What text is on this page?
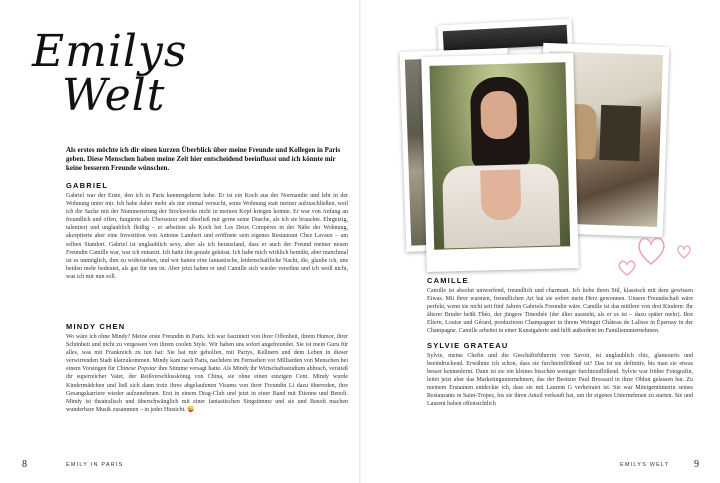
Emilys
Welt

Als erstes möchte ich dir einen kurzen Überblick über meine Freunde und Kollegen in Paris geben. Diese Menschen haben meine Zeit hier entscheidend beeinflusst und ich könnte mir keine besseren Freunde wünschen.

GABRIEL

Gabriel war der Erste, den ich in Paris kennengelernt habe. Er ist ein Koch aus der Normandie und lebt in der Wohnung unter mir. Ich habe daher mehr als nur einmal versucht, seine Wohnung statt meiner aufzuschließen, weil ich die Sache mit der Nummerierung der Stockwerke nicht in meinen Kopf kriegen konnte. Er war von Anfang an freundlich und offen, fungierte als Übersetzer und überließ mir gerne seine Dusche, als ich sie brauchte. Ehrgeizig, talentiert und unglaublich fleißig – er arbeitete als Koch bei Les Deux Compères in der Nähe der Wohnung, akzeptierte aber eine Investition von Antoine Lambert und eröffnete sein eigenes Restaurant Chez Lavaux – am selben Standort. Gabriel ist unglaublich sexy, aber als ich herausfand, dass er auch der Freund meiner neuen Freundin Camille war, war ich entsetzt. Ich hatte ihn gerade geküsst. Ich habe mich wirklich bemüht, aber manchmal ist es unmöglich, ihm zu widerstehen, und wir hatten eine fantastische, leidenschaftliche Nacht, die, glaube ich, uns beiden mehr bedeutet, als gut für uns ist. Aber jetzt haben er und Camille sich wieder versöhnt und ich weiß nicht, was ich mir nun soll.

MINDY CHEN

Wo wäre ich ohne Mindy? Meine erste Freundin in Paris. Ich war fasziniert von ihrer Offenheit, ihrem Humor, ihrer Schönheit und nicht zu vergessen von ihrem coolen Style. Wir haben uns sofort angefreundet. Sie ist mein Guru für alles, was mit Frankreich zu tun hat: Sie hat mir geholfen, mit Partys, Kellnern und dem Leben in dieser verwirrenden Stadt klarzukommen. Mindy kam nach Paris, nachdem im Fernsehen vor Milliarden von Menschen bei einem Vorsingen für Chinese Popstar ihre Stimme versagt hatte. Als Mindy ihr Wirtschaftsstudium abbrach, verstieß ihr superreicher Vater, der Reißverschlusskönig von China, sie ohne einen einzigen Cent. Mindy wurde Kindermädchen und ließ sich dann trotz ihres abgelaufenen Visums von ihrer Freundin Li dazu überreden, ihre Gesangskarriere wieder aufzunehmen. Erst in einem Drag-Club und jetzt in einer Band mit Étienne und Benoît. Mindy ist theatralisch und überschwänglich mit einer fantastischen Singstimme und sie und Benoît machen wunderbare Musik zusammen – in jeder Hinsicht. 😜

8	EMILY IN PARIS
CAMILLE

Camille ist absolut umwerfend, freundlich und charmant. Ich liebe ihren Stil, klassisch mit dem gewissen Etwas. Mit ihrer warmen, freundlichen Art hat sie sofort mein Herz gewonnen. Unsere Freundschaft wäre perfekt, wenn sie nicht seit fünf Jahren Gabriels Freundin wäre. Camille ist das mittlere von drei Kindern: Ihr älterer Bruder heißt Théo, der jüngere Timothée (der älter aussieht, als er es ist – dazu später mehr). Ihre Eltern, Louise und Gérard, produzieren Champagner in ihrem Weingut Château de Lalisse in Épernay in der Champagne. Camille arbeitet in einer Kunstgalerie und hilft außerdem im Familienunternehmen.

SYLVIE GRATEAU

Sylvie, meine Chefin und die Geschäftsführerin von Savoir, ist unglaublich chic, glamourös und beeindruckend. Erwähnte ich schon, dass sie furchteinflößend ist? Das ist sie definitiv, bis man sie etwas besser kennenlernt. Dann ist sie ein kleines bisschen weniger furchteinflößend. Sylvie war früher Fotografin, leitet jetzt aber das Marketingunternehmen, das der Besitzer Paul Brossard in ihrer Obhut gelassen hat. Zu meinem Erstaunen entdeckte ich, dass sie mit Laurent G verheiratet ist. Sie war Miteigentümerin seines Restaurants in Saint-Tropez, bis sie ihren Anteil verkauft hat, um ihr eigenes Unternehmen zu starten. Sie und Laurent haben offensichtlich

EMILYS WELT 9
